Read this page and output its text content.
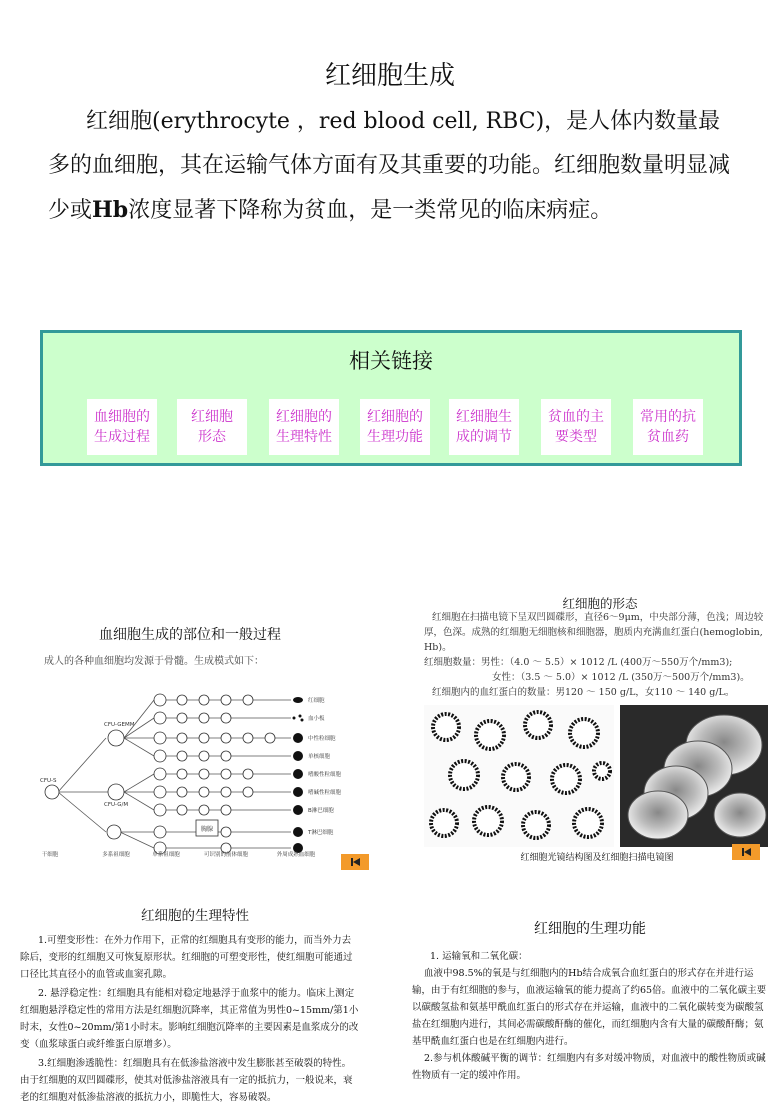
红细胞生成
红细胞(erythrocyte ，red blood cell, RBC)，是人体内数量最多的血细胞，其在运输气体方面有及其重要的功能。红细胞数量明显减少或Hb浓度显著下降称为贫血，是一类常见的临床病症。
相关链接
血细胞的
生成过程
红细胞
形态
红细胞的
生理特性
红细胞的
生理功能
红细胞生
成的调节
贫血的主
要类型
常用的抗
贫血药
血细胞生成的部位和一般过程
成人的各种血细胞均发源于骨髓。生成模式如下：
胸腺
CFU-S
CFU-GEMM
CFU-G/M
红细胞
血小板
中性粒细胞
单核细胞
嗜酸性粒细胞
嗜碱性粒细胞
B淋巴细胞
T淋巴细胞
干细胞	多系祖细胞	单系祖细胞	可识别的前体细胞	外周成熟血细胞
红细胞的形态
红细胞在扫描电镜下呈双凹圆碟形，直径6～9μm，中央部分薄，色浅；周边较厚，色深。成熟的红细胞无细胞核和细胞器，胞质内充满血红蛋白(hemoglobin, Hb)。
红细胞数量：男性：（4.0 ～ 5.5）× 1012 /L (400万～550万个/mm3);
女性：（3.5 ～ 5.0）× 1012 /L (350万～500万个/mm3)。
红细胞内的血红蛋白的数量：男120 ～ 150 g/L，女110 ～ 140 g/L。
红细胞光镜结构图及红细胞扫描电镜图
红细胞的生理特性
1.可塑变形性：在外力作用下，正常的红细胞具有变形的能力，而当外力去除后，变形的红细胞又可恢复原形状。红细胞的可塑变形性，使红细胞可能通过口径比其直径小的血管或血窦孔隙。
2. 悬浮稳定性：红细胞具有能相对稳定地悬浮于血浆中的能力。临床上测定红细胞悬浮稳定性的常用方法是红细胞沉降率，其正常值为男性0~15mm/第1小时末，女性0~20mm/第1小时末。影响红细胞沉降率的主要因素是血浆成分的改变（血浆球蛋白或纤维蛋白原增多）。
3.红细胞渗透脆性：红细胞具有在低渗盐溶液中发生膨胀甚至破裂的特性。由于红细胞的双凹圆碟形，使其对低渗盐溶液具有一定的抵抗力，一般说来，衰老的红细胞对低渗盐溶液的抵抗力小，即脆性大，容易破裂。
红细胞的生理功能
1. 运输氧和二氧化碳：
血液中98.5%的氧是与红细胞内的Hb结合成氧合血红蛋白的形式存在并进行运输，由于有红细胞的参与，血液运输氧的能力提高了约65倍。血液中的二氧化碳主要以碳酸氢盐和氨基甲酰血红蛋白的形式存在并运输，血液中的二氧化碳转变为碳酸氢盐在红细胞内进行，其间必需碳酸酐酶的催化，而红细胞内含有大量的碳酸酐酶；氨基甲酰血红蛋白也是在红细胞内进行。
2.参与机体酸碱平衡的调节：红细胞内有多对缓冲物质，对血液中的酸性物质或碱性物质有一定的缓冲作用。
